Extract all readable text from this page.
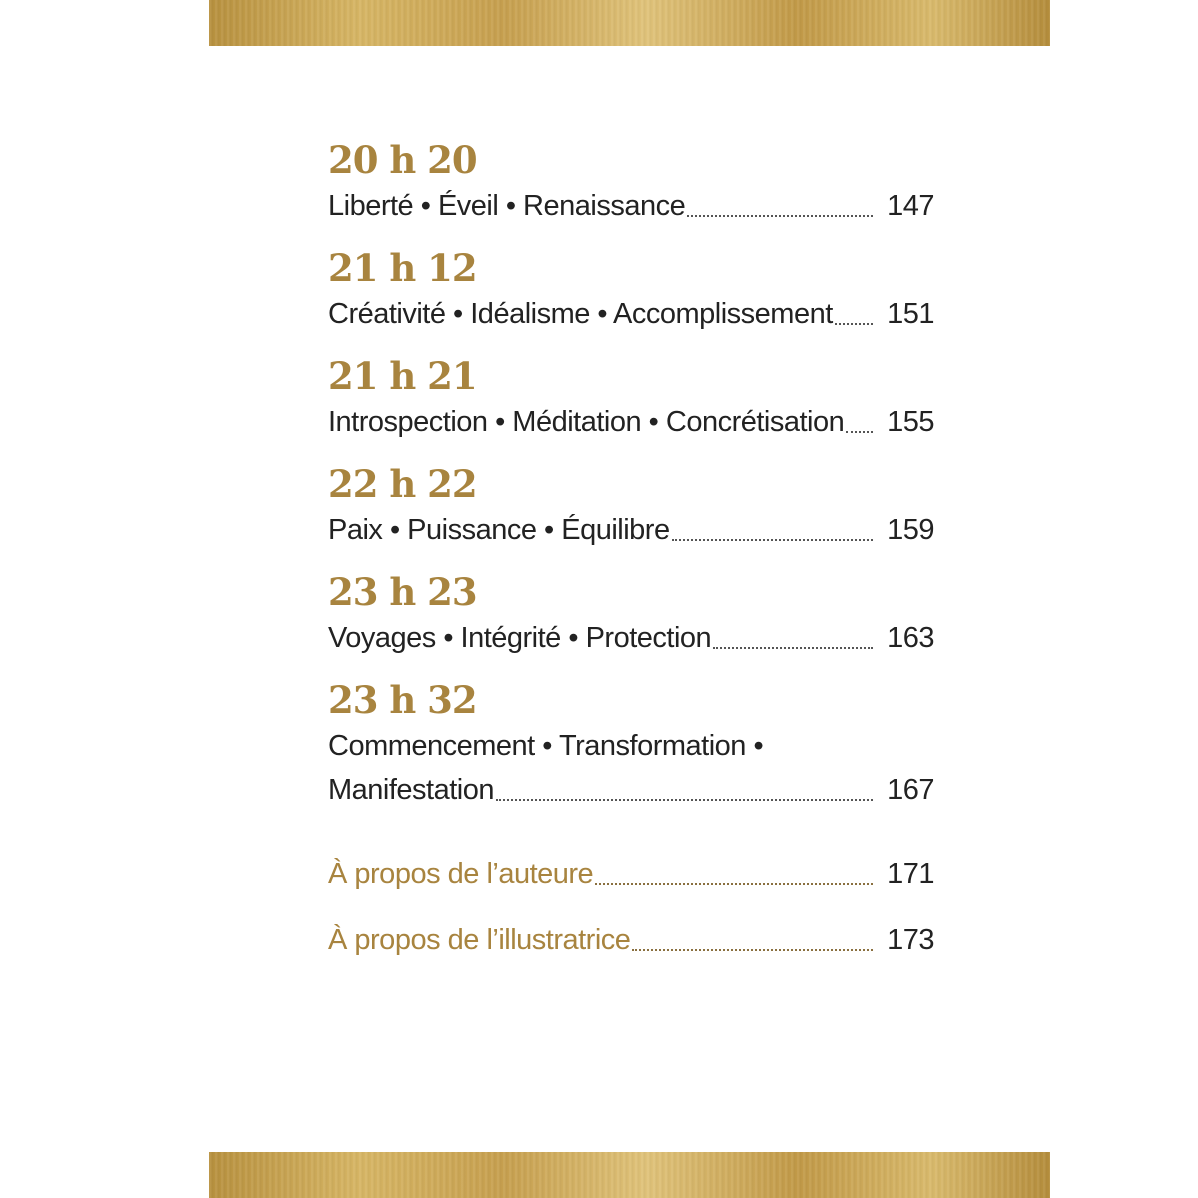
20 h 20
Liberté • Éveil • Renaissance	147
21 h 12
Créativité • Idéalisme • Accomplissement 151
21 h 21
Introspection • Méditation • Concrétisation 155
22 h 22
Paix • Puissance • Équilibre	159
23 h 23
Voyages • Intégrité • Protection	163
23 h 32
Commencement • Transformation •
Manifestation	167
À propos de l’auteure	171
À propos de l’illustratrice	173
